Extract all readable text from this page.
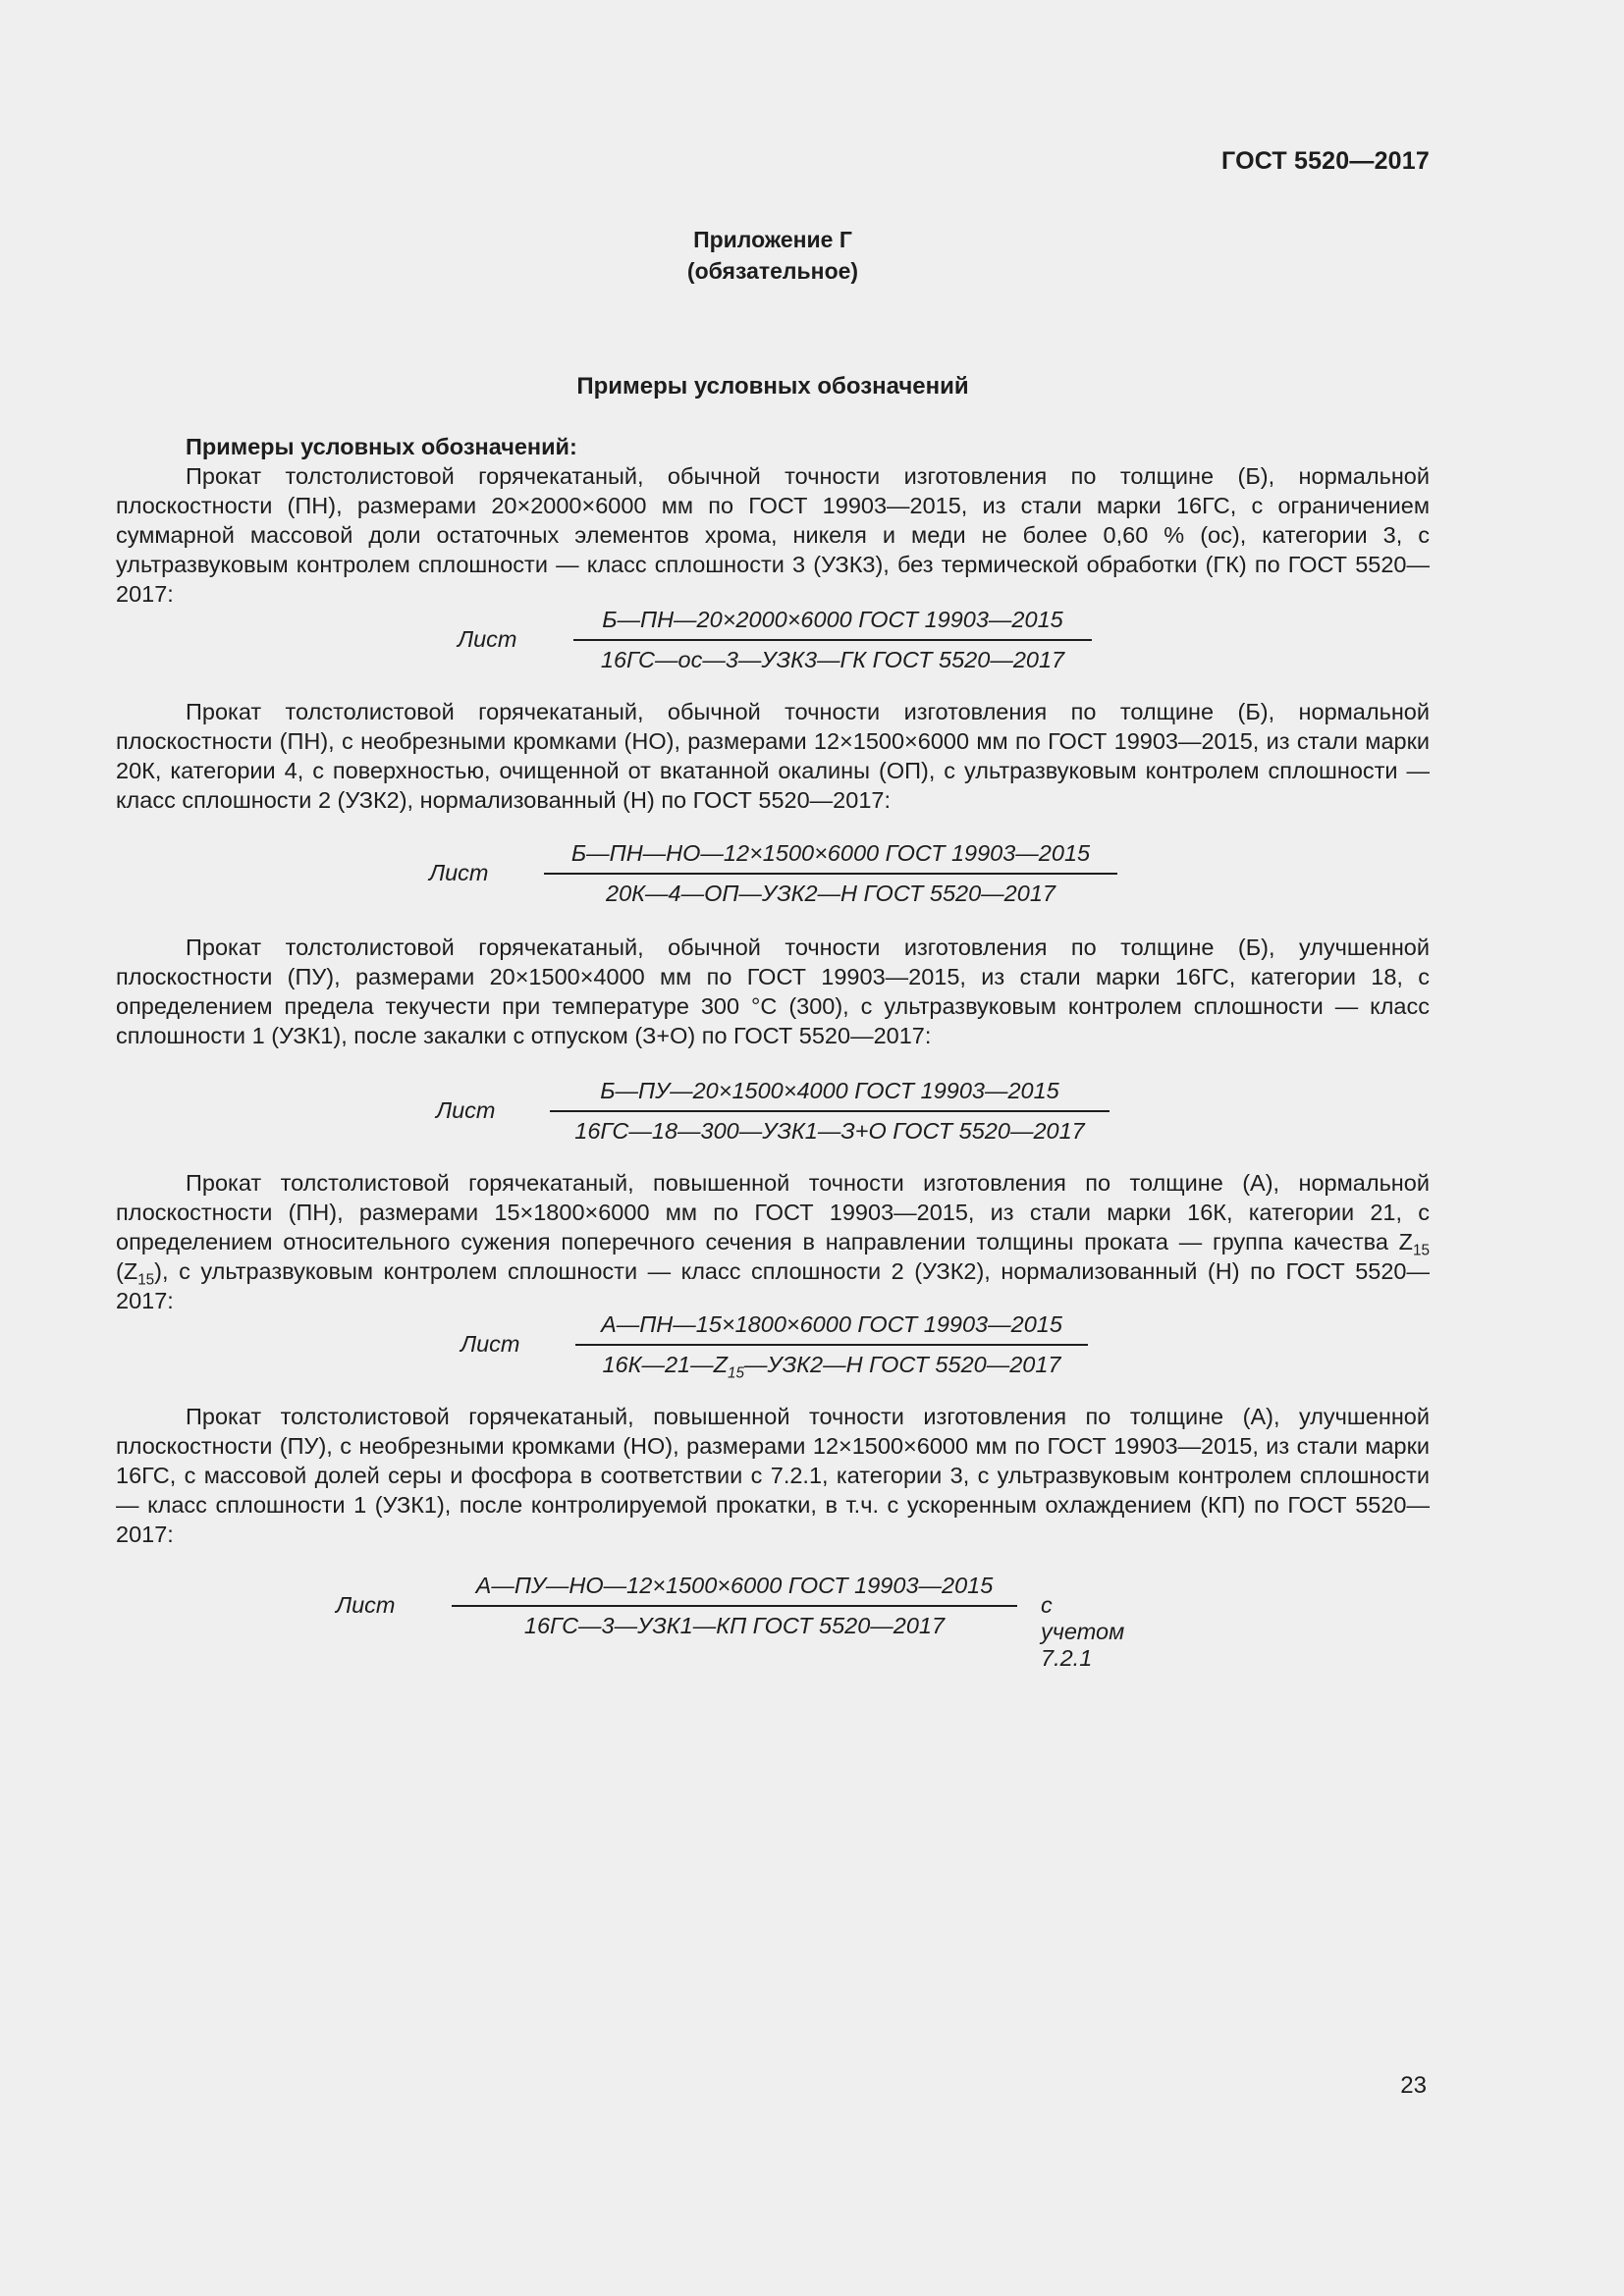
ГОСТ 5520—2017
Приложение Г
(обязательное)
Примеры условных обозначений
Примеры условных обозначений:
Прокат толстолистовой горячекатаный, обычной точности изготовления по толщине (Б), нормальной плоскостности (ПН), размерами 20×2000×6000 мм по ГОСТ 19903—2015, из стали марки 16ГС, с ограничением суммарной массовой доли остаточных элементов хрома, никеля и меди не более 0,60 % (ос), категории 3, с ультразвуковым контролем сплошности — класс сплошности 3 (УЗК3), без термической обработки (ГК) по ГОСТ 5520—2017:
Лист
Б—ПН—20×2000×6000 ГОСТ 19903—2015
16ГС—ос—3—УЗК3—ГК ГОСТ 5520—2017
Прокат толстолистовой горячекатаный, обычной точности изготовления по толщине (Б), нормальной плоскостности (ПН), с необрезными кромками (НО), размерами 12×1500×6000 мм по ГОСТ 19903—2015, из стали марки 20К, категории 4, с поверхностью, очищенной от вкатанной окалины (ОП), с ультразвуковым контролем сплошности — класс сплошности 2 (УЗК2), нормализованный (Н) по ГОСТ 5520—2017:
Лист
Б—ПН—НО—12×1500×6000 ГОСТ 19903—2015
20К—4—ОП—УЗК2—Н ГОСТ 5520—2017
Прокат толстолистовой горячекатаный, обычной точности изготовления по толщине (Б), улучшенной плоскостности (ПУ), размерами 20×1500×4000 мм по ГОСТ 19903—2015, из стали марки 16ГС, категории 18, с определением предела текучести при температуре 300 °С (300), с ультразвуковым контролем сплошности — класс сплошности 1 (УЗК1), после закалки с отпуском (З+О) по ГОСТ 5520—2017:
Лист
Б—ПУ—20×1500×4000 ГОСТ 19903—2015
16ГС—18—300—УЗК1—З+О ГОСТ 5520—2017
Прокат толстолистовой горячекатаный, повышенной точности изготовления по толщине (А), нормальной плоскостности (ПН), размерами 15×1800×6000 мм по ГОСТ 19903—2015, из стали марки 16К, категории 21, с определением относительного сужения поперечного сечения в направлении толщины проката — группа качества $Z_{15}$ $(Z_{15})$, с ультразвуковым контролем сплошности — класс сплошности 2 (УЗК2), нормализованный (Н) по ГОСТ 5520—2017:
Лист
А—ПН—15×1800×6000 ГОСТ 19903—2015
$16К—21—Z_{15}—УЗК2—Н$ ГОСТ 5520—2017
Прокат толстолистовой горячекатаный, повышенной точности изготовления по толщине (А), улучшенной плоскостности (ПУ), с необрезными кромками (НО), размерами 12×1500×6000 мм по ГОСТ 19903—2015, из стали марки 16ГС, с массовой долей серы и фосфора в соответствии с 7.2.1, категории 3, с ультразвуковым контролем сплошности — класс сплошности 1 (УЗК1), после контролируемой прокатки, в т.ч. с ускоренным охлаждением (КП) по ГОСТ 5520—2017:
Лист
А—ПУ—НО—12×1500×6000 ГОСТ 19903—2015
16ГС—3—УЗК1—КП ГОСТ 5520—2017
с учетом 7.2.1
23
